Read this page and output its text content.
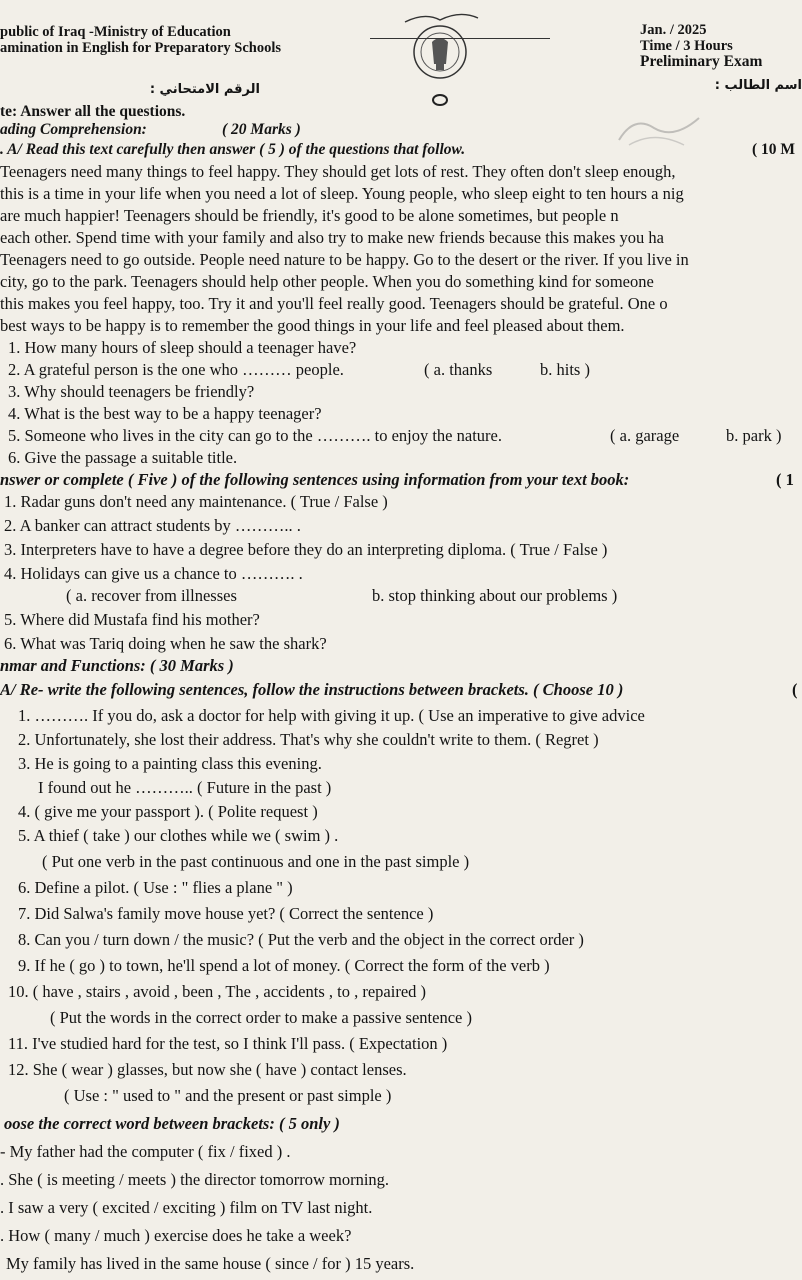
public of Iraq -Ministry of Education
amination in English for Preparatory Schools
Jan. / 2025
Time / 3 Hours
Preliminary Exam
الرقم الامتحاني :	اسم الطالب :
te: Answer all the questions.
ading Comprehension:	( 20 Marks )
. A/ Read this text carefully then answer ( 5 ) of the questions that follow.	( 10 M
Teenagers need many things to feel happy. They should get lots of rest. They often don't sleep enough,
this is a time in your life when you need a lot of sleep. Young people, who sleep eight to ten hours a nig
are much happier! Teenagers should be friendly, it's good to be alone sometimes, but people n
each other. Spend time with your family and also try to make new friends because this makes you ha
Teenagers need to go outside. People need nature to be happy. Go to the desert or the river. If you live in
city, go to the park. Teenagers should help other people. When you do something kind for someone
this makes you feel happy, too. Try it and you'll feel really good. Teenagers should be grateful. One o
best ways to be happy is to remember the good things in your life and feel pleased about them.
1. How many hours of sleep should a teenager have?
2. A grateful person is the one who ……… people.	( a. thanks	b. hits )
3. Why should teenagers be friendly?
4. What is the best way to be a happy teenager?
5. Someone who lives in the city can go to the ………. to enjoy the nature.	( a. garage	b. park )
6. Give the passage a suitable title.
nswer or complete ( Five ) of the following sentences using information from your text book:	( 1
1. Radar guns don't need any maintenance. ( True / False )
2. A banker can attract students by ……….. .
3. Interpreters have to have a degree before they do an interpreting diploma. ( True / False )
4. Holidays can give us a chance to ………. .
( a. recover from illnesses	b. stop thinking about our problems )
5. Where did Mustafa find his mother?
6. What was Tariq doing when he saw the shark?
nmar and Functions: ( 30 Marks )
A/ Re- write the following sentences, follow the instructions between brackets. ( Choose 10 )	(
1. ………. If you do, ask a doctor for help with giving it up. ( Use an imperative to give advice
2. Unfortunately, she lost their address. That's why she couldn't write to them. ( Regret )
3. He is going to a painting class this evening.
I found out he ……….. ( Future in the past )
4. ( give me your passport ). ( Polite request )
5. A thief ( take ) our clothes while we ( swim ) .
( Put one verb in the past continuous and one in the past simple )
6. Define a pilot. ( Use : " flies a plane " )
7. Did Salwa's family move house yet? ( Correct the sentence )
8. Can you / turn down / the music? ( Put the verb and the object in the correct order )
9. If he ( go ) to town, he'll spend a lot of money. ( Correct the form of the verb )
10. ( have , stairs , avoid , been , The , accidents , to , repaired )
( Put the words in the correct order to make a passive sentence )
11. I've studied hard for the test, so I think I'll pass. ( Expectation )
12. She ( wear ) glasses, but now she ( have ) contact lenses.
( Use : " used to " and the present or past simple )
oose the correct word between brackets: ( 5 only )
- My father had the computer ( fix / fixed ) .
. She ( is meeting / meets ) the director tomorrow morning.
. I saw a very ( excited / exciting ) film on TV last night.
. How ( many / much ) exercise does he take a week?
My family has lived in the same house ( since / for ) 15 years.
